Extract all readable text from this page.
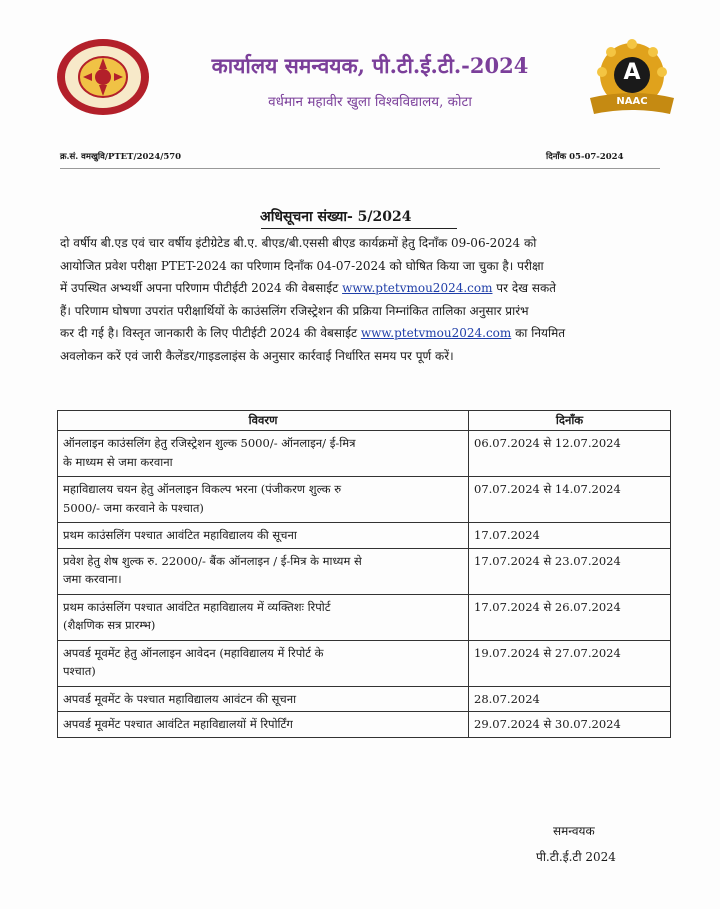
कार्यालय समन्वयक, पी.टी.ई.टी.-2024
वर्धमान महावीर खुला विश्वविद्यालय, कोटा
A
NAAC
क्र.सं. वमखुवि/PTET/2024/570	दिनाँक 05-07-2024
अधिसूचना संख्या- 5/2024
दो वर्षीय बी.एड एवं चार वर्षीय इंटीग्रेटेड बी.ए. बीएड/बी.एससी बीएड कार्यक्रमों हेतु दिनाँक 09-06-2024 को
आयोजित प्रवेश परीक्षा PTET-2024 का परिणाम दिनाँक 04-07-2024 को घोषित किया जा चुका है। परीक्षा
में उपस्थित अभ्यर्थी अपना परिणाम पीटीईटी 2024 की वेबसाईट www.ptetvmou2024.com पर देख सकते
हैं। परिणाम घोषणा उपरांत परीक्षार्थियों के काउंसलिंग रजिस्ट्रेशन की प्रक्रिया निम्नांकित तालिका अनुसार प्रारंभ
कर दी गई है। विस्तृत जानकारी के लिए पीटीईटी 2024 की वेबसाईट www.ptetvmou2024.com का नियमित
अवलोकन करें एवं जारी कैलेंडर/गाइडलाइंस के अनुसार कार्रवाई निर्धारित समय पर पूर्ण करें।
विवरण	दिनाँक
ऑनलाइन काउंसलिंग हेतु रजिस्ट्रेशन शुल्क 5000/- ऑनलाइन/ ई-मित्र
के माध्यम से जमा करवाना	06.07.2024 से 12.07.2024
महाविद्यालय चयन हेतु ऑनलाइन विकल्प भरना (पंजीकरण शुल्क रु
5000/- जमा करवाने के पश्चात)	07.07.2024 से 14.07.2024
प्रथम काउंसलिंग पश्चात आवंटित महाविद्यालय की सूचना	17.07.2024
प्रवेश हेतु शेष शुल्क रु. 22000/- बैंक ऑनलाइन / ई-मित्र के माध्यम से
जमा करवाना।	17.07.2024 से 23.07.2024
प्रथम काउंसलिंग पश्चात आवंटित महाविद्यालय में व्यक्तिशः रिपोर्ट
(शैक्षणिक सत्र प्रारम्भ)	17.07.2024 से 26.07.2024
अपवर्ड मूवमेंट हेतु ऑनलाइन आवेदन (महाविद्यालय में रिपोर्ट के
पश्चात)	19.07.2024 से 27.07.2024
अपवर्ड मूवमेंट के पश्चात महाविद्यालय आवंटन की सूचना	28.07.2024
अपवर्ड मूवमेंट पश्चात आवंटित महाविद्यालयों में रिपोर्टिंग	29.07.2024 से 30.07.2024
समन्वयक
पी.टी.ई.टी 2024
